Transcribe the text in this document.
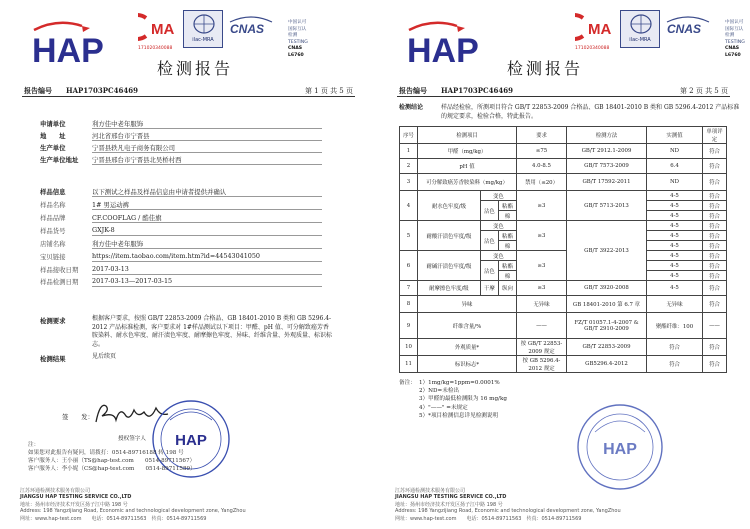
HAP
MA
171020340088
ilac-MRA
CNAS	中国认可
国际互认
检测
TESTING
CNAS L6760
检测报告
报告编号 HAP1703PC46469	第 1 页 共 5 页
申请单位	利方佳中老年服饰
地　　址	河北省邢台市宁晋县
生产单位	宁晋县轶凡电子商务有限公司
生产单位地址 宁晋县邢台市宁晋县北吴桥村西
样品信息	以下测试之样品及样品信息由申请者提供并确认
样品名称	1# 男运动裤
样品品牌	CF.COOFLAG / 酷佳旗
样品货号	GXJK-8
店铺名称	利方佳中老年服饰
宝贝链接	https://item.taobao.com/item.htm?id=44543041050
样品接收日期 2017-03-13
样品检测日期 2017-03-13—2017-03-15
检测要求	根据客户要求，按照 GB/T 22853-2009 合格品、GB 18401-2010 B 类和 GB 5296.4-2012 产品标准检测，客户要求对 1#样品测试以下项目：甲醛、pH 值、可分解致癌芳香胺染料、耐水色牢度、耐汗渍色牢度、耐摩擦色牢度、异味、纤维含量、外观质量、标识标志。
检测结果	见后续页
签　　发：
授权签字人 HAP
注：
如果您对此报告有疑问，请拨打：0514-89716188 转 198 号
客户服务人：王小丽（TS@hap-test.com　　0514-89711567）
客户服务人：李小妮（CS@hap-test.com　　0514-89711589）
江苏环通检测技术服务有限公司
JIANGSU HAP TESTING SERVICE CO.,LTD
地址：扬州市经济技术开发区扬子江中路 198 号
Address: 198 Yangzijiang Road, Economic and technological development zone, YangZhou
网址：www.hap-test.com　　电话：0514-89711563　传真：0514-89711569
HAP
MA
171020340088
ilac-MRA
CNAS	中国认可
国际互认
检测
TESTING
CNAS L6760
检测报告
报告编号 HAP1703PC46469	第 2 页 共 5 页
检测结论	样品经检验，所测项目符合 GB/T 22853-2009 合格品、GB 18401-2010 B 类和 GB 5296.4-2012 产品标准的规定要求，检验合格，特此报告。
序号	检测项目			要求	检测方法	实测值	单项评定
1	甲醛（mg/kg）			≤75	GB/T 2912.1-2009	ND	符合
2	pH 值			4.0-8.5	GB/T 7573-2009	6.4	符合
3	可分解致癌芳香胺染料（mg/kg）			禁用（≤20）	GB/T 17592-2011	ND	符合
4	耐水色牢度/级	变色		≥3	GB/T 5713-2013	4-5	符合
		沾色	粘酯			4-5	符合
			棉			4-5	符合
5	耐酸汗渍色牢度/级	变色		≥3	GB/T 3922-2013	4-5	符合
		沾色	粘酯			4-5	符合
			棉			4-5	符合
6	耐碱汗渍色牢度/级	变色		≥3		4-5	符合
		沾色	粘酯			4-5	符合
			棉			4-5	符合
7	耐摩擦色牢度/级	干摩	纵向	≥3	GB/T 3920-2008	4-5	符合
8	异味			无异味	GB 18401-2010 第 6.7 章	无异味	符合
9	纤维含量/%			——	FZ/T 01057.1-4-2007 & GB/T 2910-2009	聚酯纤维：100	——
10	外观质量*			按 GB/T 22853-2009 规定	GB/T 22853-2009	符合	符合
11	标识标志*			按 GB 5296.4-2012 规定	GB5296.4-2012	符合	符合
备注： 1）1mg/kg=1ppm=0.0001%
2）ND=未检出
3）甲醛的最低检测限为 16 mg/kg
4）"——" =未规定
5）*项目检测信息详见检测说明
HAP
江苏环通检测技术服务有限公司
JIANGSU HAP TESTING SERVICE CO.,LTD
地址：扬州市经济技术开发区扬子江中路 198 号
Address: 198 Yangzijiang Road, Economic and technological development zone, YangZhou
网址：www.hap-test.com　　电话：0514-89711563　传真：0514-89711569
